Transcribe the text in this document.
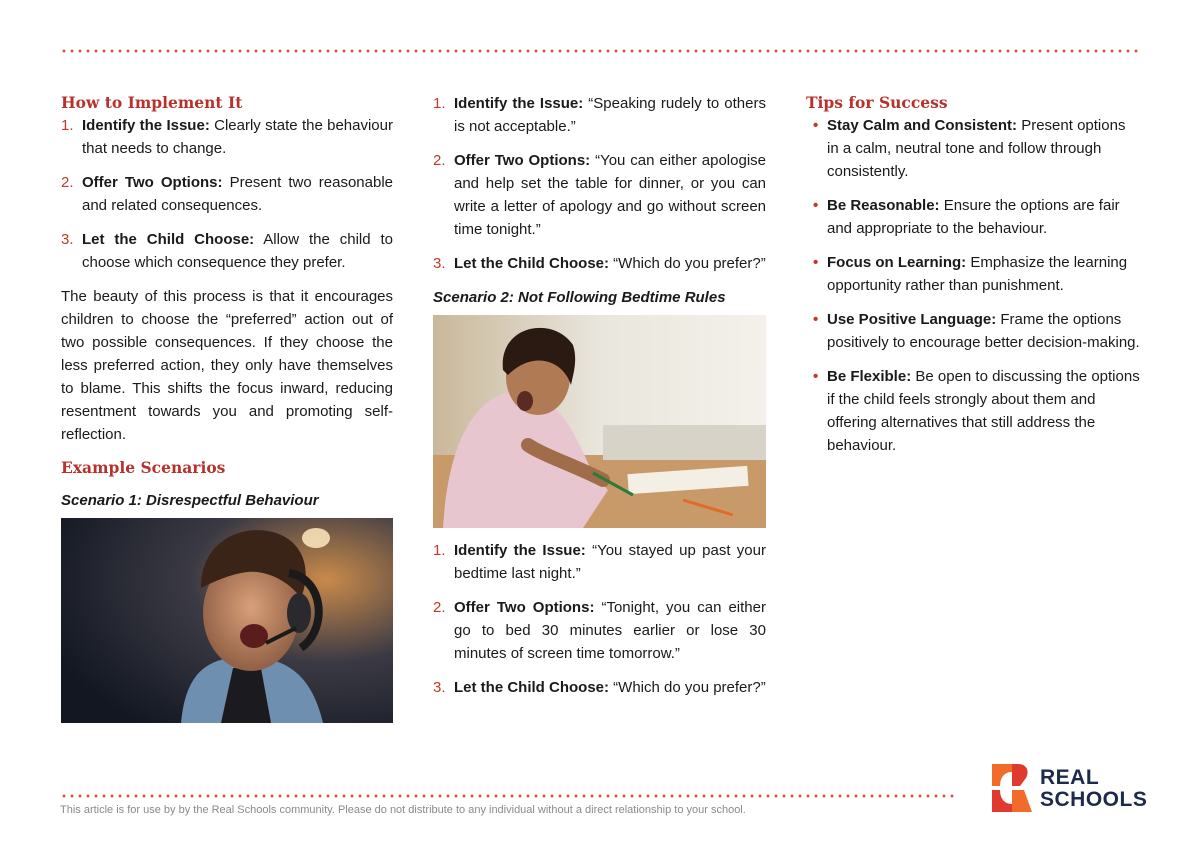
How to Implement It
1. Identify the Issue: Clearly state the behaviour that needs to change.
2. Offer Two Options: Present two reasonable and related consequences.
3. Let the Child Choose: Allow the child to choose which consequence they prefer.

The beauty of this process is that it encourages children to choose the “preferred” action out of two possible consequences. If they choose the less preferred action, they only have themselves to blame. This shifts the focus inward, reducing resentment towards you and promoting self-reflection.

Example Scenarios

Scenario 1: Disrespectful Behaviour

1. Identify the Issue: “Speaking rudely to others is not acceptable.”
2. Offer Two Options: “You can either apologise and help set the table for dinner, or you can write a letter of apology and go without screen time tonight.”
3. Let the Child Choose: “Which do you prefer?”

Scenario 2: Not Following Bedtime Rules

1. Identify the Issue: “You stayed up past your bedtime last night.”
2. Offer Two Options: “Tonight, you can either go to bed 30 minutes earlier or lose 30 minutes of screen time tomorrow.”
3. Let the Child Choose: “Which do you prefer?”
Tips for Success
• Stay Calm and Consistent: Present options in a calm, neutral tone and follow through consistently.
• Be Reasonable: Ensure the options are fair and appropriate to the behaviour.
• Focus on Learning: Emphasize the learning opportunity rather than punishment.
• Use Positive Language: Frame the options positively to encourage better decision-making.
• Be Flexible: Be open to discussing the options if the child feels strongly about them and offering alternatives that still address the behaviour.
This article is for use by by the Real Schools community. Please do not distribute to any individual without a direct relationship to your school.
REAL
SCHOOLS
